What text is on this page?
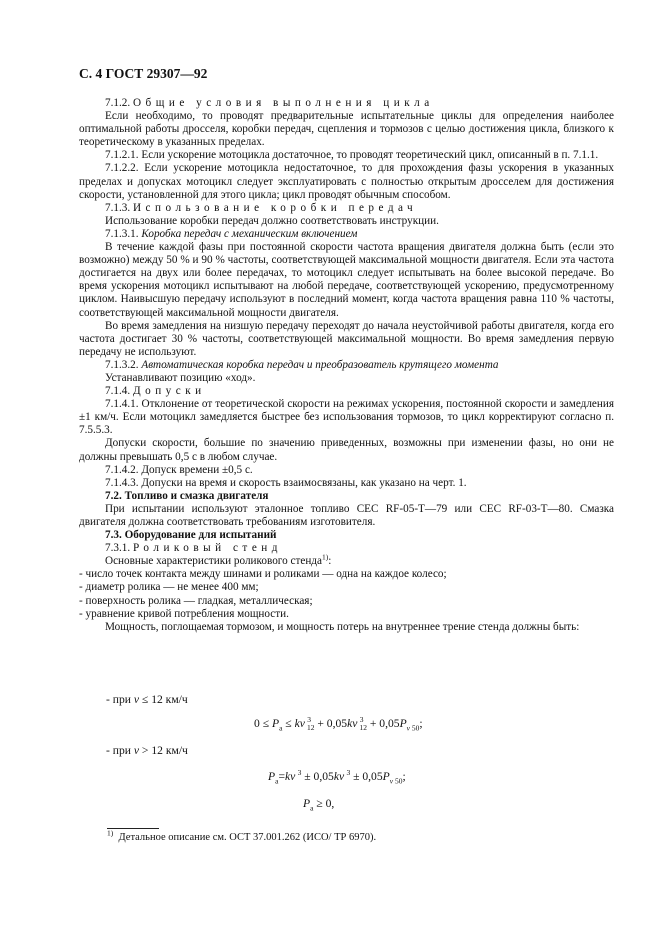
С. 4 ГОСТ 29307—92

7.1.2. Общие условия выполнения цикла

Если необходимо, то проводят предварительные испытательные циклы для определения наиболее оптимальной работы дросселя, коробки передач, сцепления и тормозов с целью достижения цикла, близкого к теоретическому в указанных пределах.

7.1.2.1. Если ускорение мотоцикла достаточное, то проводят теоретический цикл, описанный в п. 7.1.1.

7.1.2.2. Если ускорение мотоцикла недостаточное, то для прохождения фазы ускорения в указанных пределах и допусках мотоцикл следует эксплуатировать с полностью открытым дросселем для достижения скорости, установленной для этого цикла; цикл проводят обычным способом.

7.1.3. Использование коробки передач

Использование коробки передач должно соответствовать инструкции.

7.1.3.1. Коробка передач с механическим включением

В течение каждой фазы при постоянной скорости частота вращения двигателя должна быть (если это возможно) между 50 % и 90 % частоты, соответствующей максимальной мощности двигателя. Если эта частота достигается на двух или более передачах, то мотоцикл следует испытывать на более высокой передаче. Во время ускорения мотоцикл испытывают на любой передаче, соответствующей ускорению, предусмотренному циклом. Наивысшую передачу используют в последний момент, когда частота вращения равна 110 % частоты, соответствующей максимальной мощности двигателя.

Во время замедления на низшую передачу переходят до начала неустойчивой работы двигателя, когда его частота достигает 30 % частоты, соответствующей максимальной мощности. Во время замедления первую передачу не используют.

7.1.3.2. Автоматическая коробка передач и преобразователь крутящего момента

Устанавливают позицию «ход».

7.1.4. Допуски

7.1.4.1. Отклонение от теоретической скорости на режимах ускорения, постоянной скорости и замедления ±1 км/ч. Если мотоцикл замедляется быстрее без использования тормозов, то цикл корректируют согласно п. 7.5.5.3.

Допуски скорости, большие по значению приведенных, возможны при изменении фазы, но они не должны превышать 0,5 с в любом случае.

7.1.4.2. Допуск времени ±0,5 с.

7.1.4.3. Допуски на время и скорость взаимосвязаны, как указано на черт. 1.

7.2. Топливо и смазка двигателя

При испытании используют эталонное топливо CEC RF-05-T—79 или CEC RF-03-T—80. Смазка двигателя должна соответствовать требованиям изготовителя.

7.3. Оборудование для испытаний

7.3.1. Роликовый стенд

Основные характеристики роликового стенда$^{1)}$:

- число точек контакта между шинами и роликами — одна на каждое колесо;

- диаметр ролика — не менее 400 мм;

- поверхность ролика — гладкая, металлическая;

- уравнение кривой потребления мощности.

Мощность, поглощаемая тормозом, и мощность потерь на внутреннее трение стенда должны быть:

- при v ≤ 12 км/ч
$0 \le P_a$ ≤ kv  $^3_{12}$ + 0,05kv  $^3_{12} + 0,05P_{v 50}$;
- при v > 12 км/ч
$P_a=kv$  $^3$ ± 0,05kv  $^3 \pm 0,05P_{v 50}$;
$P_a \ge 0$,
$^{1)}$ Детальное описание см. ОСТ 37.001.262 (ИСО/ ТР 6970).
